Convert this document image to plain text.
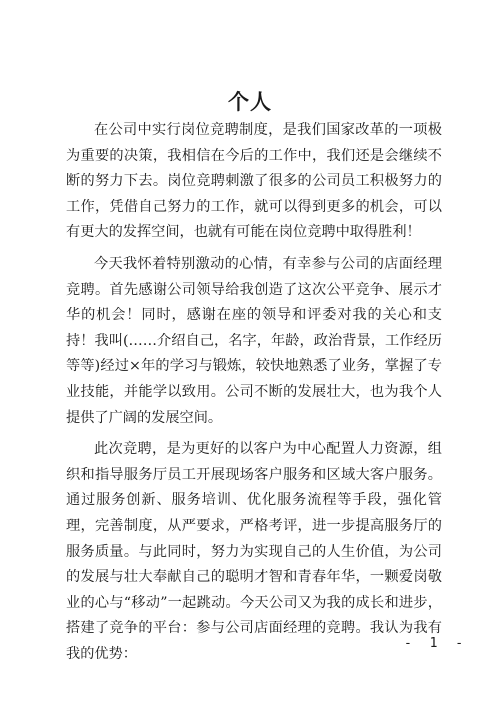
个人

在公司中实行岗位竞聘制度，是我们国家改革的一项极为重要的决策，我相信在今后的工作中，我们还是会继续不断的努力下去。岗位竞聘刺激了很多的公司员工积极努力的工作，凭借自己努力的工作，就可以得到更多的机会，可以有更大的发挥空间，也就有可能在岗位竞聘中取得胜利！

今天我怀着特别激动的心情，有幸参与公司的店面经理竞聘。首先感谢公司领导给我创造了这次公平竞争、展示才华的机会！同时，感谢在座的领导和评委对我的关心和支持！我叫(……介绍自己，名字，年龄，政治背景，工作经历等等)经过×年的学习与锻炼，较快地熟悉了业务，掌握了专业技能，并能学以致用。公司不断的发展壮大，也为我个人提供了广阔的发展空间。

此次竞聘，是为更好的以客户为中心配置人力资源，组织和指导服务厅员工开展现场客户服务和区域大客户服务。通过服务创新、服务培训、优化服务流程等手段，强化管理，完善制度，从严要求，严格考评，进一步提高服务厅的服务质量。与此同时，努力为实现自己的人生价值，为公司的发展与壮大奉献自己的聪明才智和青春年华，一颗爱岗敬业的心与“移动”一起跳动。今天公司又为我的成长和进步，搭建了竞争的平台：参与公司店面经理的竞聘。我认为我有我的优势：

- 1 -
